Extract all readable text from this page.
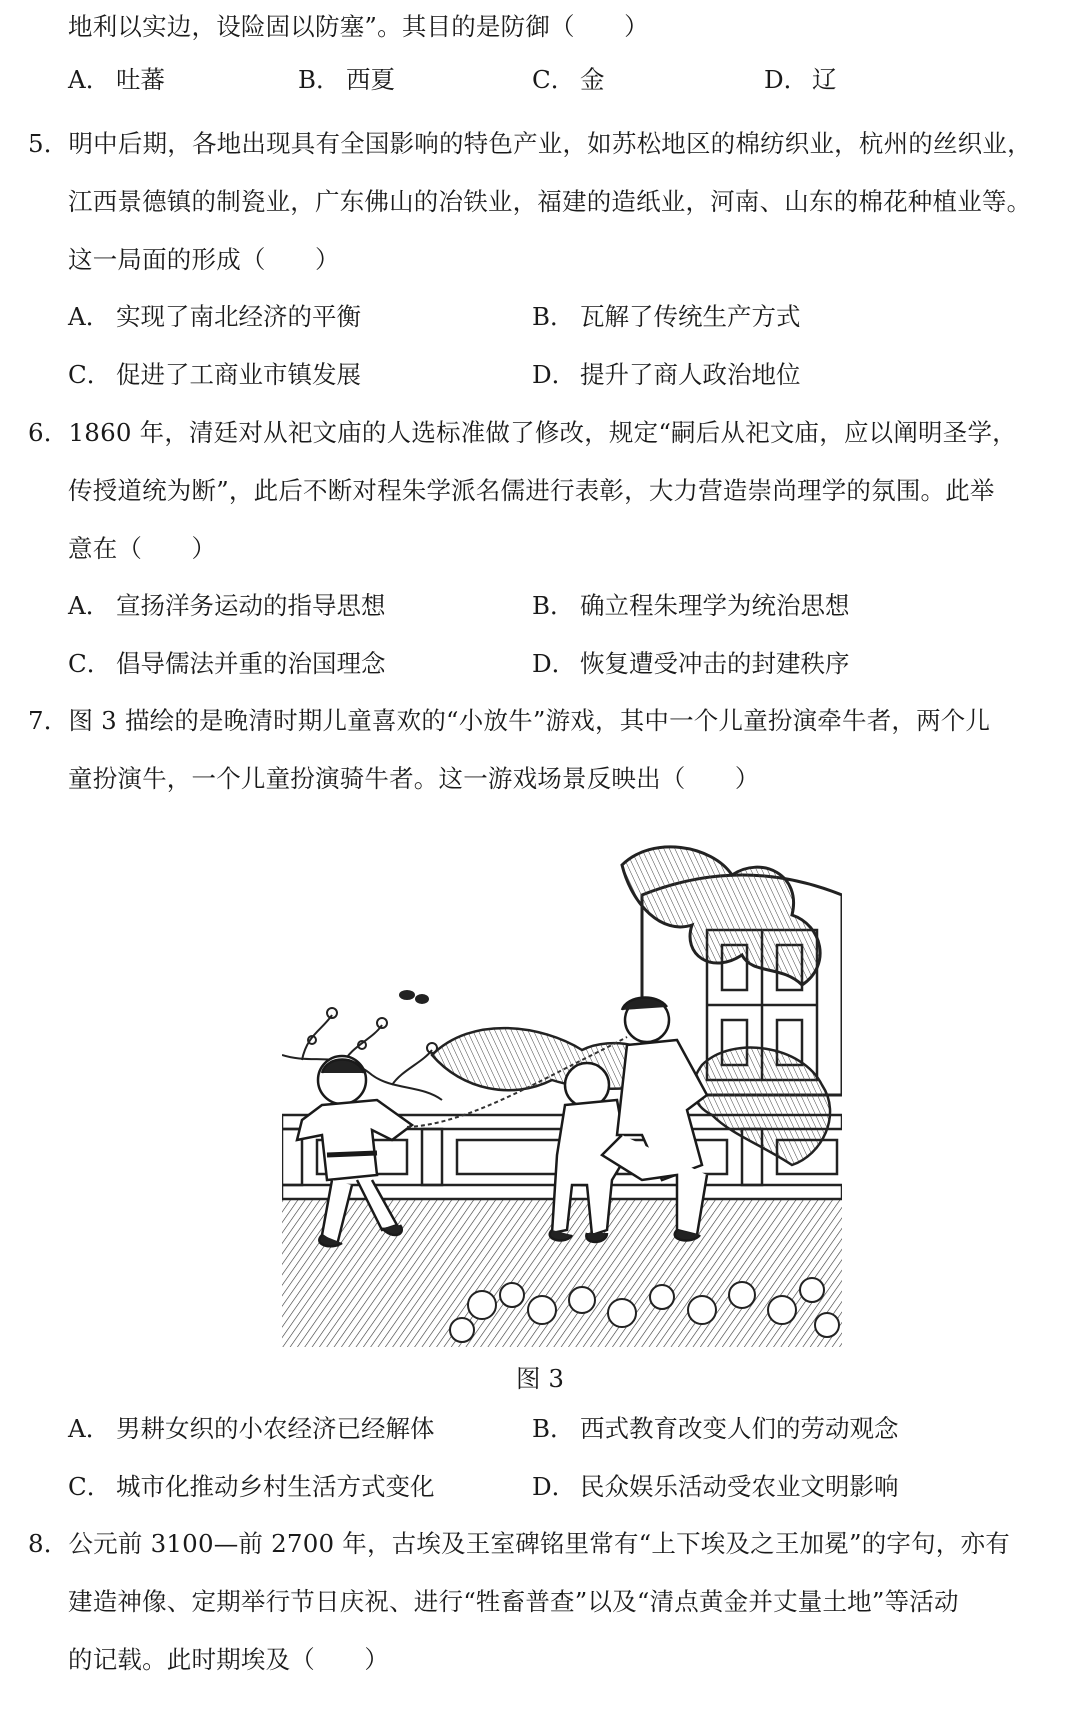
地利以实边，设险固以防塞”。其目的是防御（　　）
A． 吐蕃	B． 西夏	C． 金	D． 辽
5．明中后期，各地出现具有全国影响的特色产业，如苏松地区的棉纺织业，杭州的丝织业，
江西景德镇的制瓷业，广东佛山的冶铁业，福建的造纸业，河南、山东的棉花种植业等。
这一局面的形成（　　）
A． 实现了南北经济的平衡	B． 瓦解了传统生产方式
C． 促进了工商业市镇发展	D． 提升了商人政治地位
6．1860 年，清廷对从祀文庙的人选标准做了修改，规定“嗣后从祀文庙，应以阐明圣学，
传授道统为断”，此后不断对程朱学派名儒进行表彰，大力营造崇尚理学的氛围。此举
意在（　　）
A． 宣扬洋务运动的指导思想	B． 确立程朱理学为统治思想
C． 倡导儒法并重的治国理念	D． 恢复遭受冲击的封建秩序
7．图 3 描绘的是晚清时期儿童喜欢的“小放牛”游戏，其中一个儿童扮演牵牛者，两个儿
童扮演牛，一个儿童扮演骑牛者。这一游戏场景反映出（　　）
图 3
A． 男耕女织的小农经济已经解体	B． 西式教育改变人们的劳动观念
C． 城市化推动乡村生活方式变化	D． 民众娱乐活动受农业文明影响
8．公元前 3100—前 2700 年，古埃及王室碑铭里常有“上下埃及之王加冕”的字句，亦有
建造神像、定期举行节日庆祝、进行“牲畜普查”以及“清点黄金并丈量土地”等活动
的记载。此时期埃及（　　）
